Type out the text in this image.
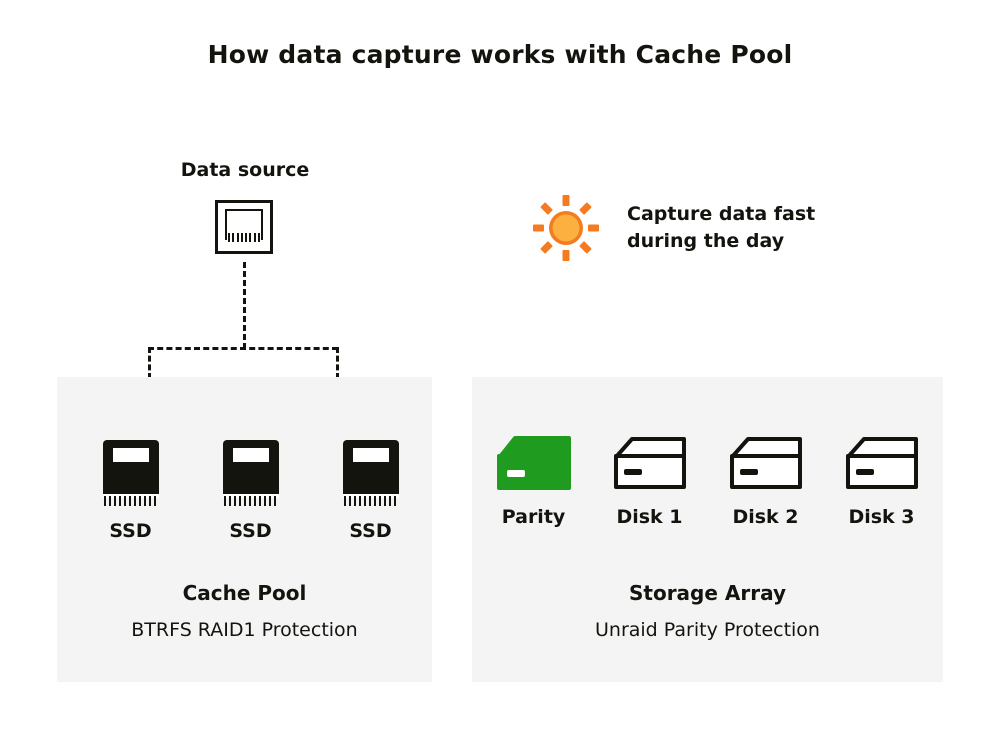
How data capture works with Cache Pool
Data source
Capture data fast
during the day
SSD	SSD	SSD
Cache Pool
BTRFS RAID1 Protection
Parity	Disk 1	Disk 2	Disk 3
Storage Array
Unraid Parity Protection
